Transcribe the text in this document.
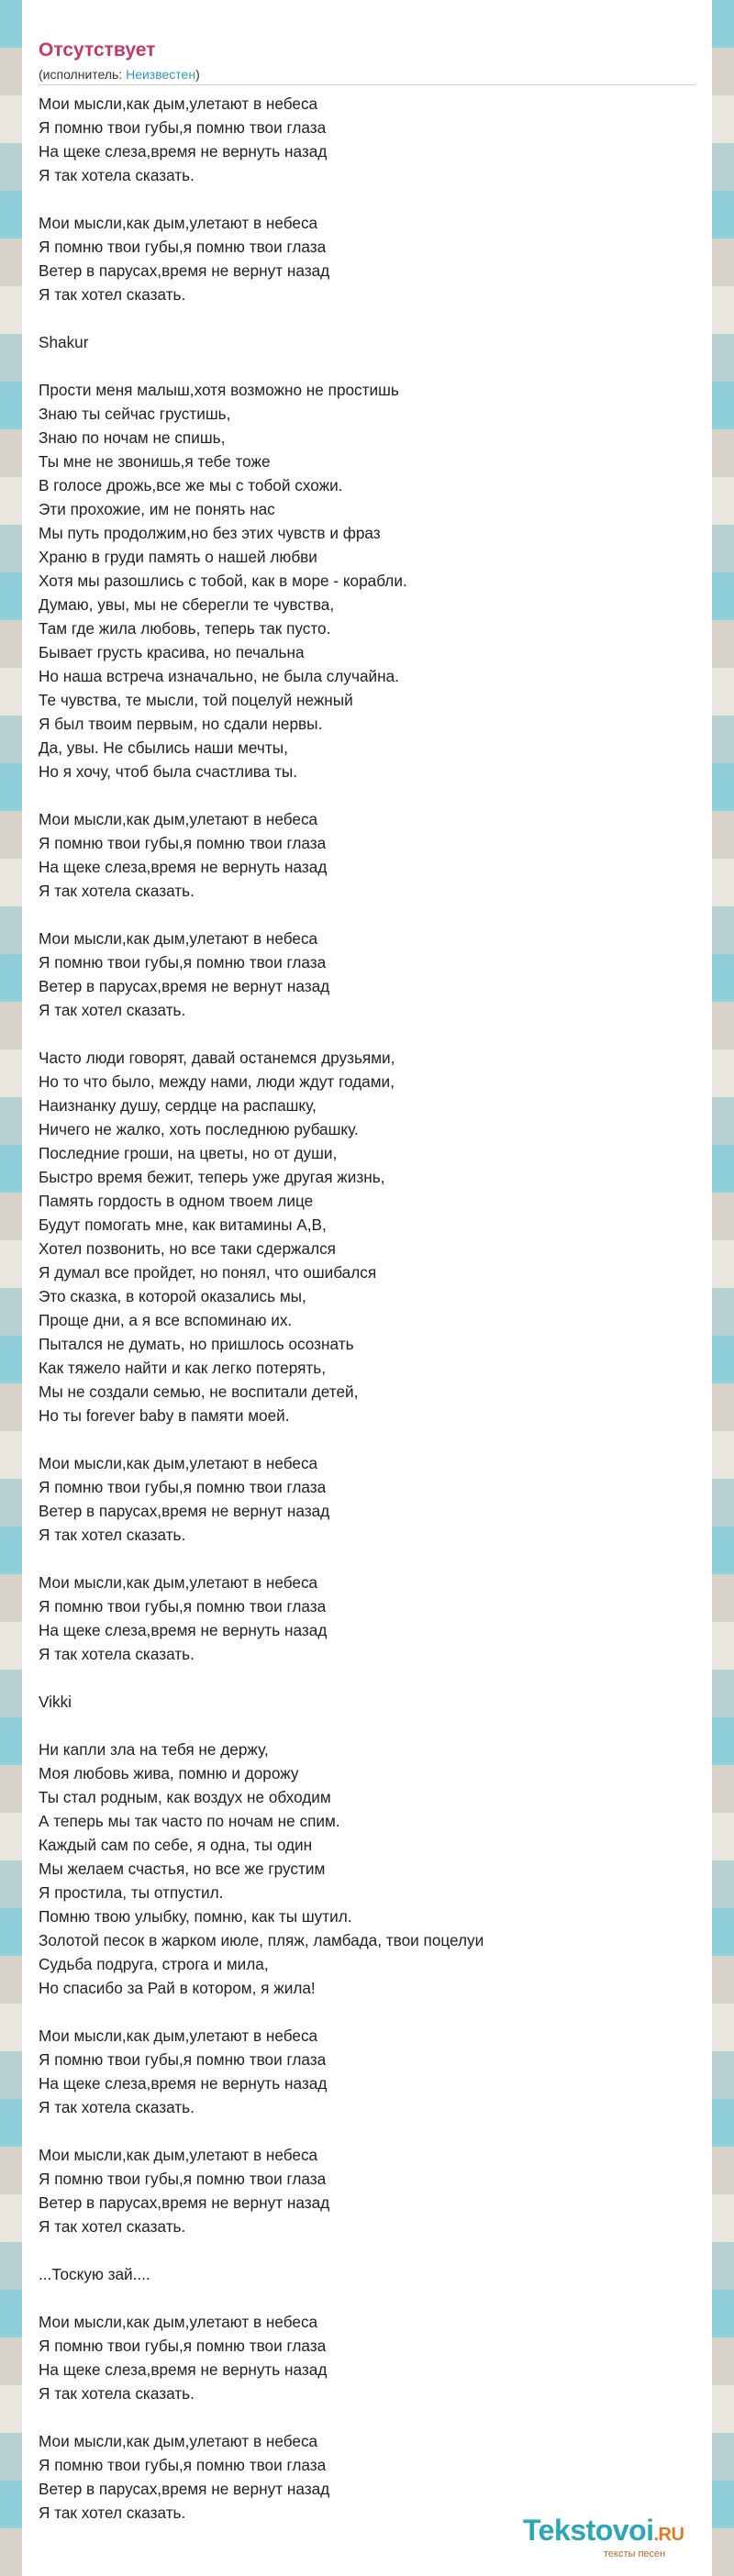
Отсутствует
(исполнитель: Неизвестен)
Мои мысли,как дым,улетают в небеса
Я помню твои губы,я помню твои глаза
На щеке слеза,время не вернуть назад
Я так хотела сказать.
Мои мысли,как дым,улетают в небеса
Я помню твои губы,я помню твои глаза
Ветер в парусах,время не вернут назад
Я так хотел сказать.
Shakur
Прости меня малыш,хотя возможно не простишь
Знаю ты сейчас грустишь,
Знаю по ночам не спишь,
Ты мне не звонишь,я тебе тоже
В голосе дрожь,все же мы с тобой схожи.
Эти прохожие, им не понять нас
Мы путь продолжим,но без этих чувств и фраз
Храню в груди память о нашей любви
Хотя мы разошлись с тобой, как в море - корабли.
Думаю, увы, мы не сберегли те чувства,
Там где жила любовь, теперь так пусто.
Бывает грусть красива, но печальна
Но наша встреча изначально, не была случайна.
Те чувства, те мысли, той поцелуй нежный
Я был твоим первым, но сдали нервы.
Да, увы. Не сбылись наши мечты,
Но я хочу, чтоб была счастлива ты.
Мои мысли,как дым,улетают в небеса
Я помню твои губы,я помню твои глаза
На щеке слеза,время не вернуть назад
Я так хотела сказать.
Мои мысли,как дым,улетают в небеса
Я помню твои губы,я помню твои глаза
Ветер в парусах,время не вернут назад
Я так хотел сказать.
Часто люди говорят, давай останемся друзьями,
Но то что было, между нами, люди ждут годами,
Наизнанку душу, сердце на распашку,
Ничего не жалко, хоть последнюю рубашку.
Последние гроши, на цветы, но от души,
Быстро время бежит, теперь уже другая жизнь,
Память гордость в одном твоем лице
Будут помогать мне, как витамины А,В,
Хотел позвонить, но все таки сдержался
Я думал все пройдет, но понял, что ошибался
Это сказка, в которой оказались мы,
Проще дни, а я все вспоминаю их.
Пытался не думать, но пришлось осознать
Как тяжело найти и как легко потерять,
Мы не создали семью, не воспитали детей,
Но ты forever baby в памяти моей.
Мои мысли,как дым,улетают в небеса
Я помню твои губы,я помню твои глаза
Ветер в парусах,время не вернут назад
Я так хотел сказать.
Мои мысли,как дым,улетают в небеса
Я помню твои губы,я помню твои глаза
На щеке слеза,время не вернуть назад
Я так хотела сказать.
Vikki
Ни капли зла на тебя не держу,
Моя любовь жива, помню и дорожу
Ты стал родным, как воздух не обходим
А теперь мы так часто по ночам не спим.
Каждый сам по себе, я одна, ты один
Мы желаем счастья, но все же грустим
Я простила, ты отпустил.
Помню твою улыбку, помню, как ты шутил.
Золотой песок в жарком июле, пляж, ламбада, твои поцелуи
Судьба подруга, строга и мила,
Но спасибо за Рай в котором, я жила!
Мои мысли,как дым,улетают в небеса
Я помню твои губы,я помню твои глаза
На щеке слеза,время не вернуть назад
Я так хотела сказать.
Мои мысли,как дым,улетают в небеса
Я помню твои губы,я помню твои глаза
Ветер в парусах,время не вернут назад
Я так хотел сказать.
...Тоскую зай....
Мои мысли,как дым,улетают в небеса
Я помню твои губы,я помню твои глаза
На щеке слеза,время не вернуть назад
Я так хотела сказать.
Мои мысли,как дым,улетают в небеса
Я помню твои губы,я помню твои глаза
Ветер в парусах,время не вернут назад
Я так хотел сказать.
Tekstovoi.RU
тексты песен
